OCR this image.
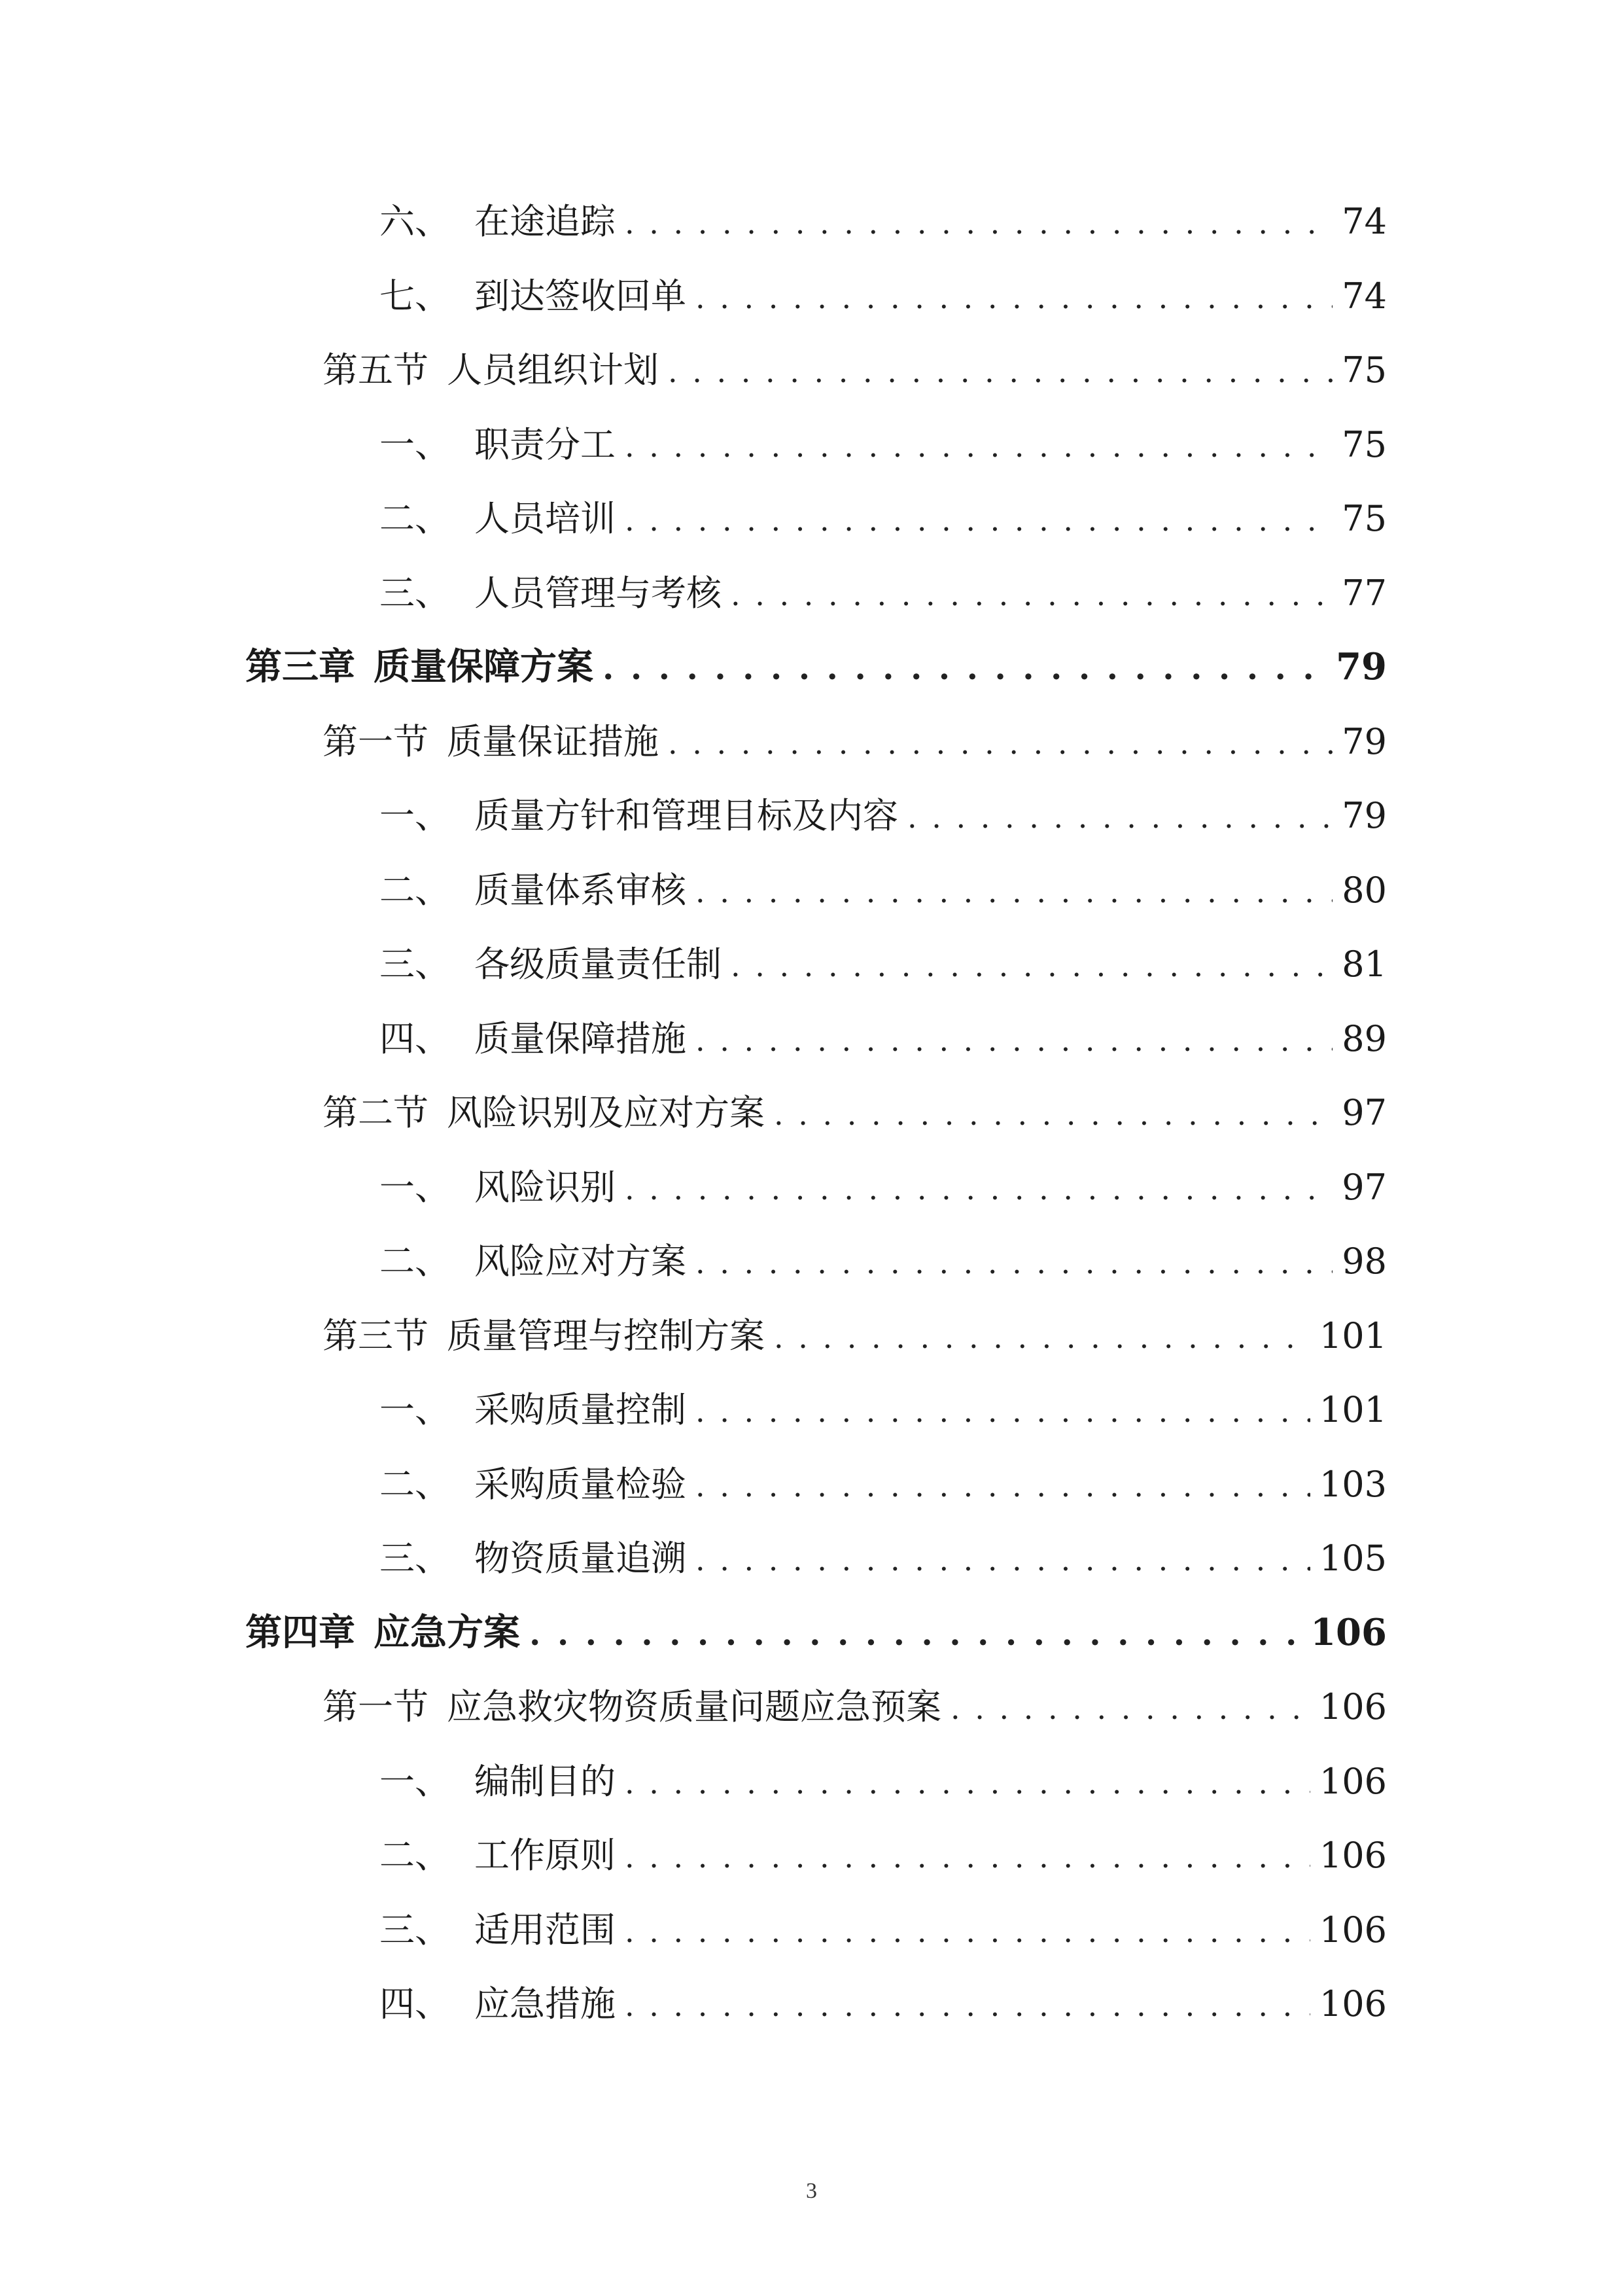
六、 在途追踪 . . .	74
七、 到达签收回单 . . .	74
第五节 人员组织计划 . . .	75
一、 职责分工 . . .	75
二、 人员培训 . . .	75
三、 人员管理与考核 . . .	77
第三章 质量保障方案 . . .	79
第一节 质量保证措施 . . .	79
一、 质量方针和管理目标及内容 . . .	79
二、 质量体系审核 . . .	80
三、 各级质量责任制 . . .	81
四、 质量保障措施 . . .	89
第二节 风险识别及应对方案 . . .	97
一、 风险识别 . . .	97
二、 风险应对方案 . . .	98
第三节 质量管理与控制方案 . . .	101
一、 采购质量控制 . . .	101
二、 采购质量检验 . . .	103
三、 物资质量追溯 . . .	105
第四章 应急方案 . . .	106
第一节 应急救灾物资质量问题应急预案 . . .	106
一、 编制目的 . . .	106
二、 工作原则 . . .	106
三、 适用范围 . . .	106
四、 应急措施 . . .	106
3
